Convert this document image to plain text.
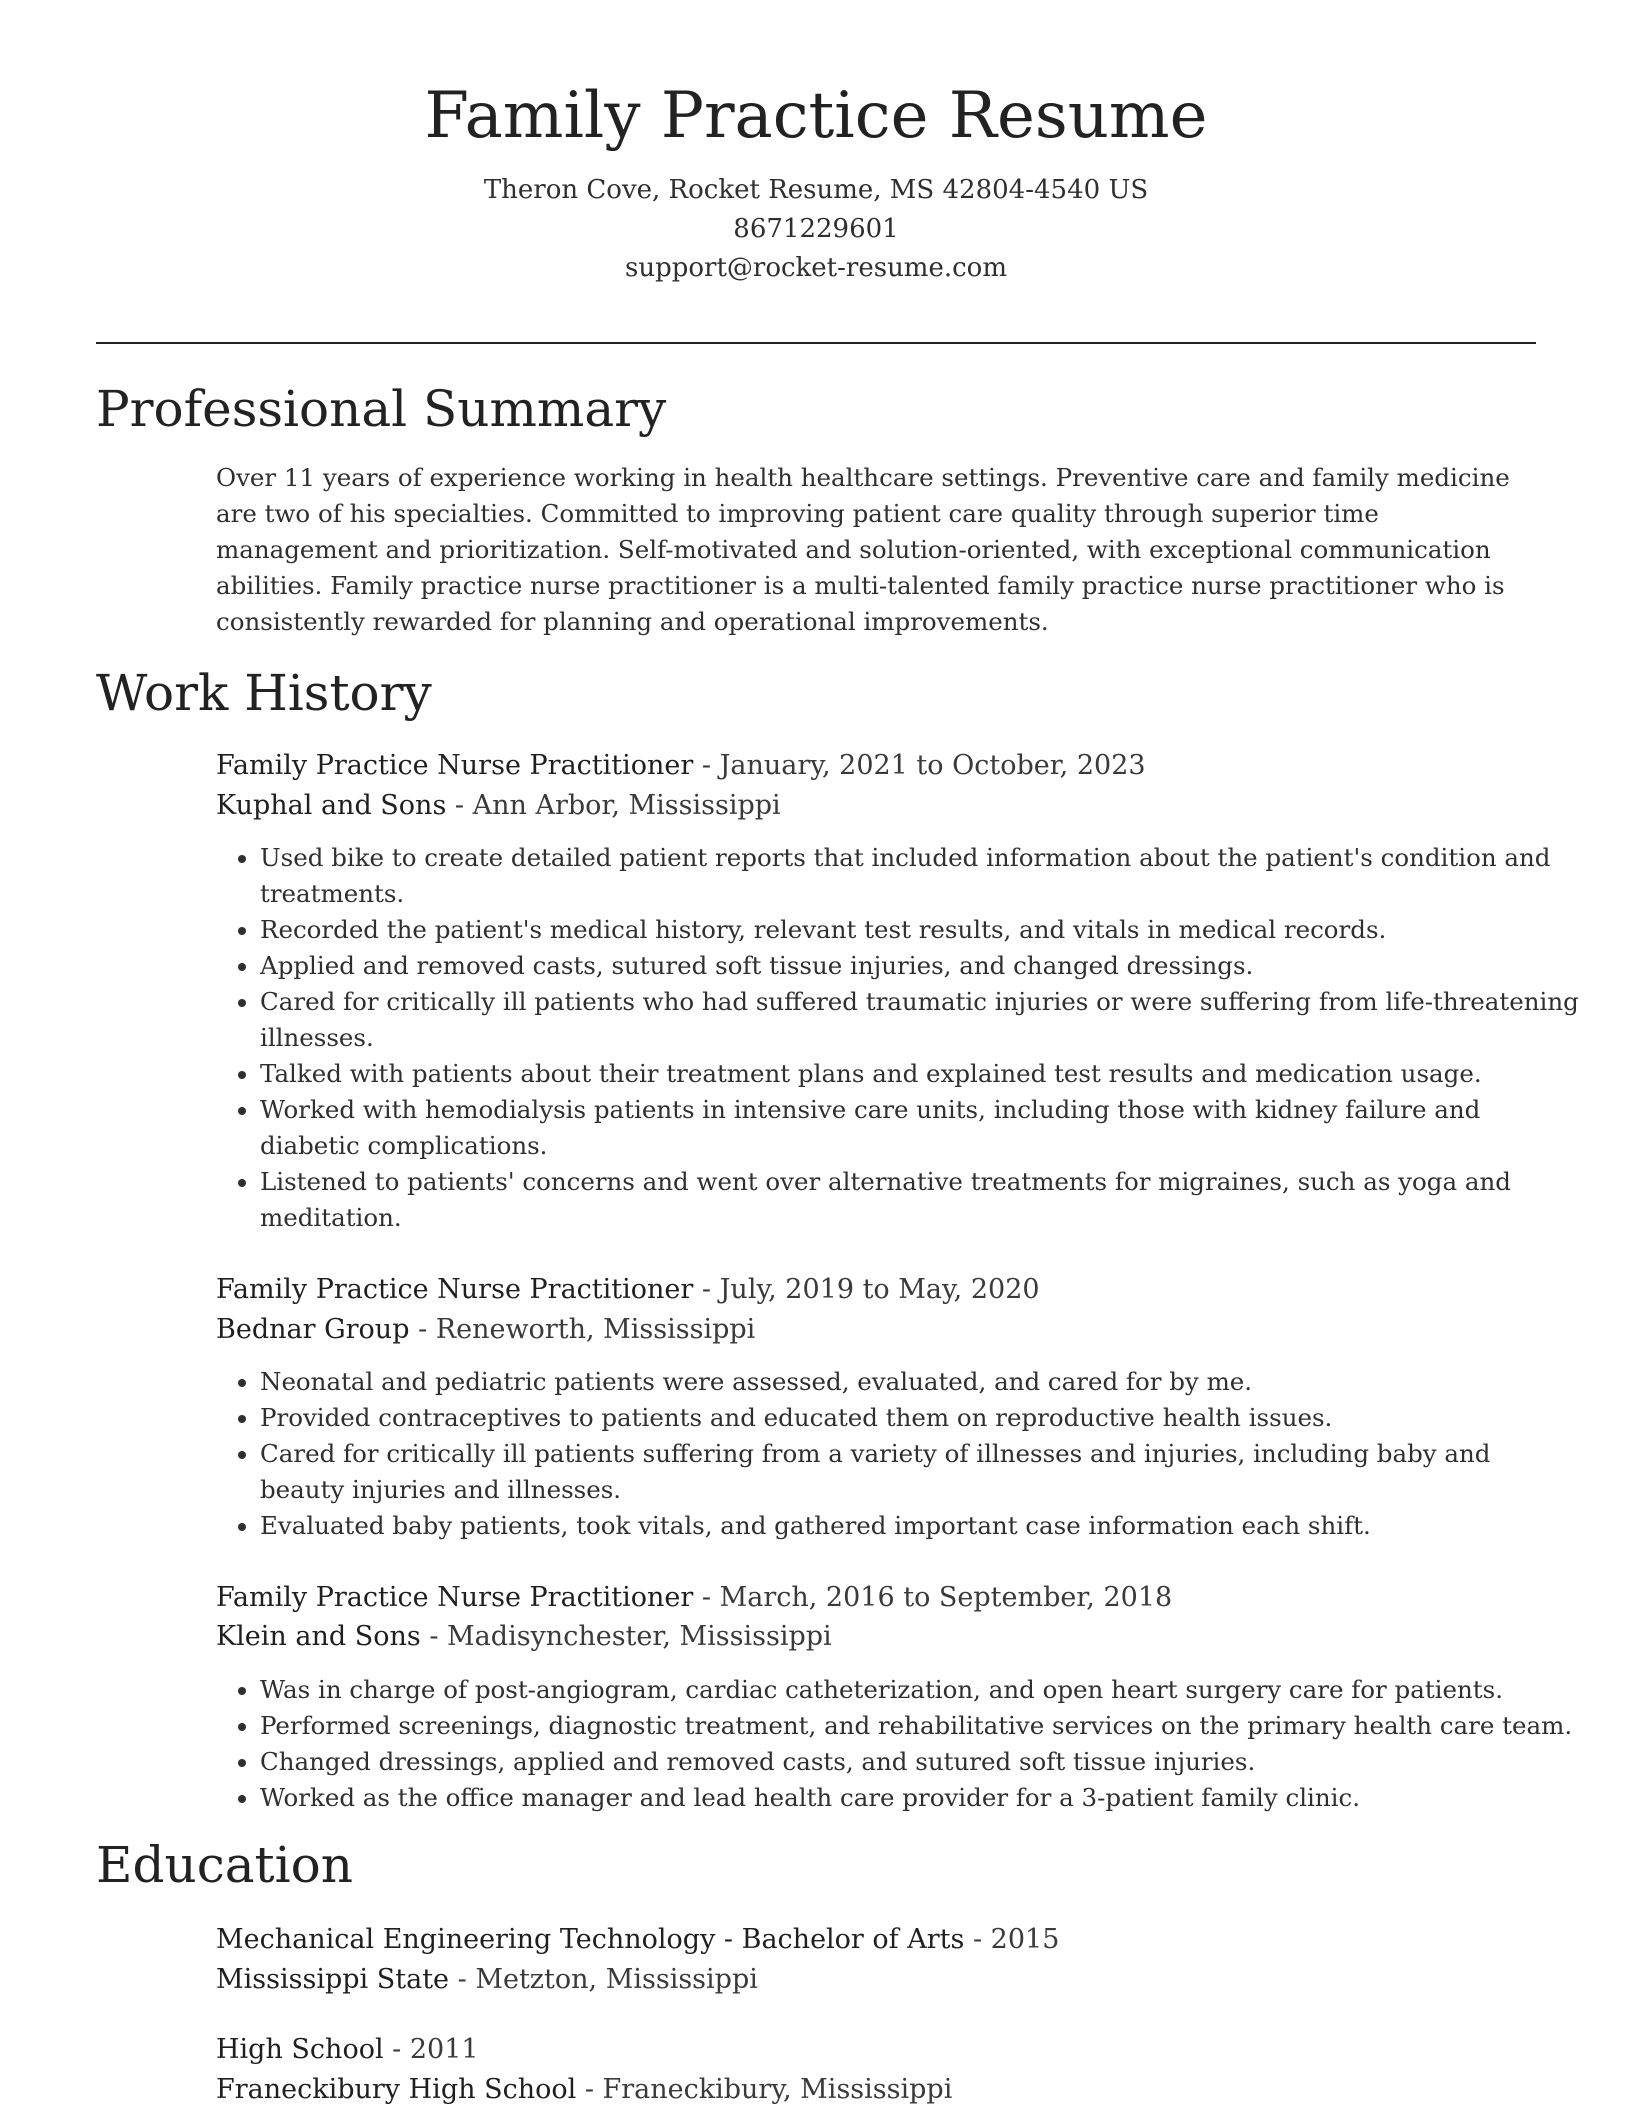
Family Practice Resume
Theron Cove, Rocket Resume, MS 42804-4540 US
8671229601
support@rocket-resume.com
Professional Summary
Over 11 years of experience working in health healthcare settings. Preventive care and family medicine are two of his specialties. Committed to improving patient care quality through superior time management and prioritization. Self-motivated and solution-oriented, with exceptional communication abilities. Family practice nurse practitioner is a multi-talented family practice nurse practitioner who is consistently rewarded for planning and operational improvements.
Work History
Family Practice Nurse Practitioner - January, 2021 to October, 2023
Kuphal and Sons - Ann Arbor, Mississippi
• Used bike to create detailed patient reports that included information about the patient's condition and treatments.
• Recorded the patient's medical history, relevant test results, and vitals in medical records.
• Applied and removed casts, sutured soft tissue injuries, and changed dressings.
• Cared for critically ill patients who had suffered traumatic injuries or were suffering from life-threatening illnesses.
• Talked with patients about their treatment plans and explained test results and medication usage.
• Worked with hemodialysis patients in intensive care units, including those with kidney failure and diabetic complications.
• Listened to patients' concerns and went over alternative treatments for migraines, such as yoga and meditation.
Family Practice Nurse Practitioner - July, 2019 to May, 2020
Bednar Group - Reneworth, Mississippi
• Neonatal and pediatric patients were assessed, evaluated, and cared for by me.
• Provided contraceptives to patients and educated them on reproductive health issues.
• Cared for critically ill patients suffering from a variety of illnesses and injuries, including baby and beauty injuries and illnesses.
• Evaluated baby patients, took vitals, and gathered important case information each shift.
Family Practice Nurse Practitioner - March, 2016 to September, 2018
Klein and Sons - Madisynchester, Mississippi
• Was in charge of post-angiogram, cardiac catheterization, and open heart surgery care for patients.
• Performed screenings, diagnostic treatment, and rehabilitative services on the primary health care team.
• Changed dressings, applied and removed casts, and sutured soft tissue injuries.
• Worked as the office manager and lead health care provider for a 3-patient family clinic.
Education
Mechanical Engineering Technology - Bachelor of Arts - 2015
Mississippi State - Metzton, Mississippi
High School - 2011
Franeckibury High School - Franeckibury, Mississippi
